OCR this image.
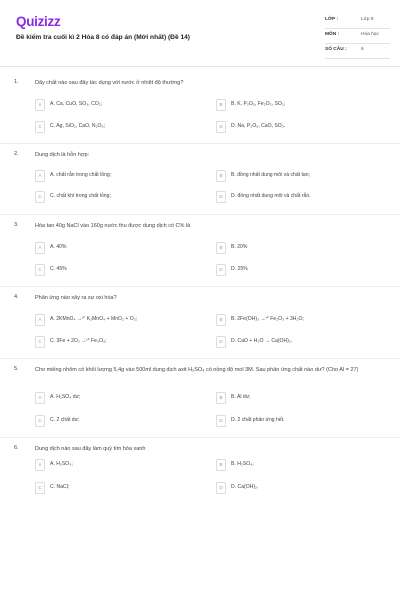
Quizizz
Đề kiểm tra cuối kì 2 Hóa 8 có đáp án (Mới nhất) (Đề 14)
LỚP :	Lớp 8
MÔN :	Hóa học
SỐ CÂU :	6
1.	Dãy chất nào sau đây tác dụng với nước ở nhiệt độ thường?
A	A. Ca, CuO, SO₃, CO₂;	B	B. K, P₂O₅, Fe₂O₃, SO₂;
C	C. Ag, SiO₂, CaO, N₂O₅;	D	D. Na, P₂O₅, CaO, SO₃.
2.	Dung dịch là hỗn hợp:
A	A. chất rắn trong chất lỏng;	B	B. đồng nhất dung môi và chất tan;
C	C. chất khí trong chất lỏng;	D	D. đồng nhất dung môi và chất rắn.
3.	Hòa tan 40g NaCl vào 160g nước thu được dung dịch có C% là
A	A. 40%	B	B. 20%
C	C. 45%	D	D. 25%
4.	Phản ứng nào xảy ra sự oxi hóa?
A	A. 2KMnO₄ →ᵗ° K₂MnO₄ + MnO₂ + O₂;	B	B. 2Fe(OH)₃ →ᵗ° Fe₂O₃ + 3H₂O;
C	C. 3Fe + 2O₂ →ᵗ° Fe₃O₄;	D	D. CaO + H₂O → Ca(OH)₂.
5.	Cho miếng nhôm có khối lượng 5,4g vào 500ml dung dịch axit H₂SO₄ có nồng độ mol 3M. Sau phản ứng chất nào dư? (Cho Al = 27)
A	A. H₂SO₄ dư;	B	B. Al dư;
C	C. 2 chất dư;	D	D. 2 chất phản ứng hết.
6.	Dung dịch nào sau đây làm quỳ tím hóa xanh
A	A. H₂SO₃;	B	B. H₂SO₄;
C	C. NaCl;	D	D. Ca(OH)₂.
